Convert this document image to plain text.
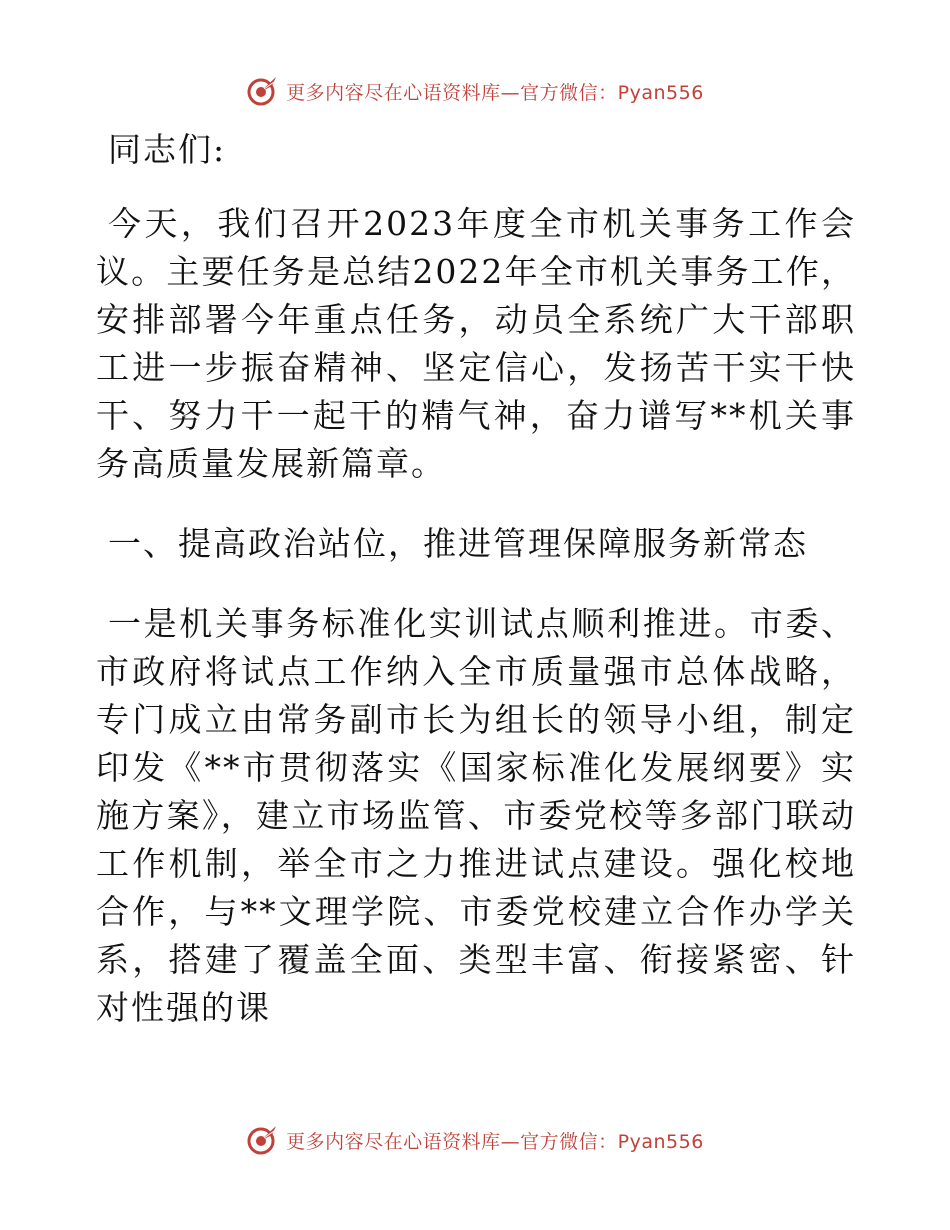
更多内容尽在心语资料库—官方微信：Pyan556

同志们:

今天，我们召开2023年度全市机关事务工作会议。主要任务是总结2022年全市机关事务工作，安排部署今年重点任务，动员全系统广大干部职工进一步振奋精神、坚定信心，发扬苦干实干快干、努力干一起干的精气神，奋力谱写**机关事务高质量发展新篇章。

一、提高政治站位，推进管理保障服务新常态

一是机关事务标准化实训试点顺利推进。市委、市政府将试点工作纳入全市质量强市总体战略，专门成立由常务副市长为组长的领导小组，制定印发《**市贯彻落实《国家标准化发展纲要》实施方案》，建立市场监管、市委党校等多部门联动工作机制，举全市之力推进试点建设。强化校地合作，与**文理学院、市委党校建立合作办学关系，搭建了覆盖全面、类型丰富、衔接紧密、针对性强的课

更多内容尽在心语资料库—官方微信：Pyan556
